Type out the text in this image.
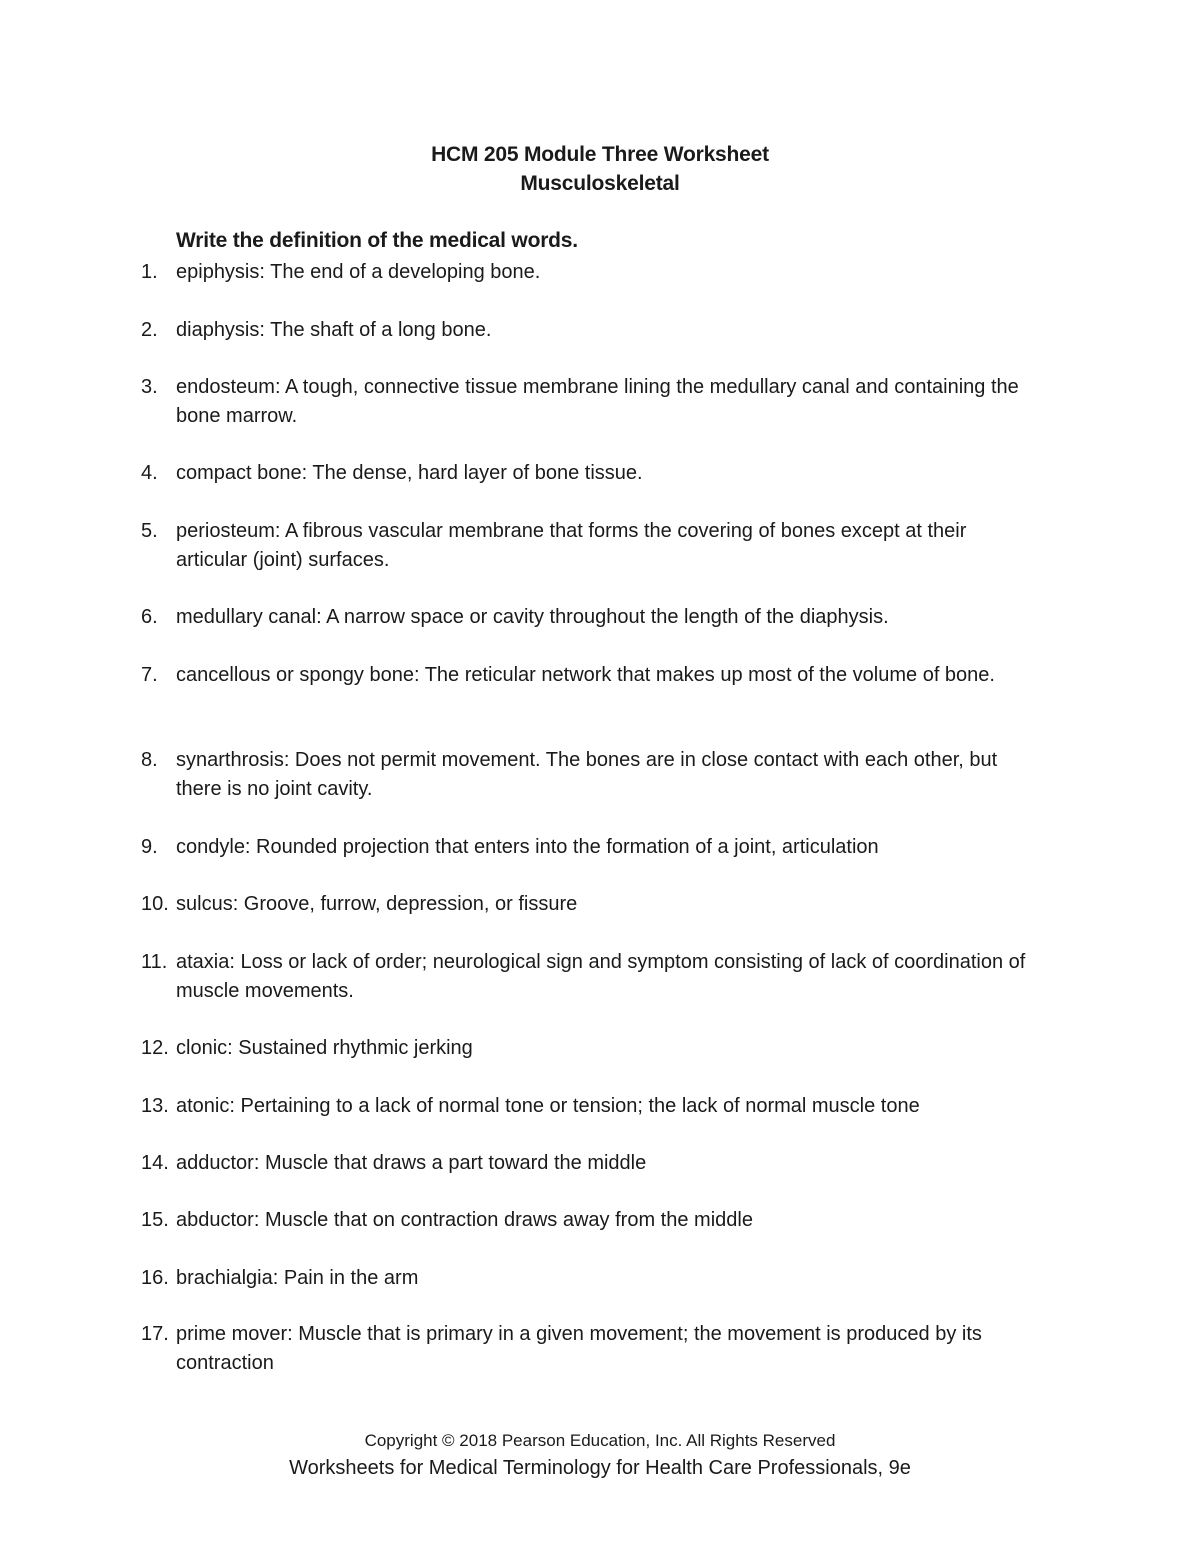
HCM 205 Module Three Worksheet
Musculoskeletal
Write the definition of the medical words.
1. epiphysis: The end of a developing bone.
2. diaphysis: The shaft of a long bone.
3. endosteum: A tough, connective tissue membrane lining the medullary canal and containing the bone marrow.
4. compact bone: The dense, hard layer of bone tissue.
5. periosteum: A fibrous vascular membrane that forms the covering of bones except at their articular (joint) surfaces.
6. medullary canal: A narrow space or cavity throughout the length of the diaphysis.
7. cancellous or spongy bone: The reticular network that makes up most of the volume of bone.
8. synarthrosis: Does not permit movement. The bones are in close contact with each other, but there is no joint cavity.
9. condyle: Rounded projection that enters into the formation of a joint, articulation
10. sulcus: Groove, furrow, depression, or fissure
11. ataxia: Loss or lack of order; neurological sign and symptom consisting of lack of coordination of muscle movements.
12. clonic: Sustained rhythmic jerking
13. atonic: Pertaining to a lack of normal tone or tension; the lack of normal muscle tone
14. adductor: Muscle that draws a part toward the middle
15. abductor: Muscle that on contraction draws away from the middle
16. brachialgia: Pain in the arm
17. prime mover: Muscle that is primary in a given movement; the movement is produced by its contraction
Copyright © 2018 Pearson Education, Inc. All Rights Reserved
Worksheets for Medical Terminology for Health Care Professionals, 9e
